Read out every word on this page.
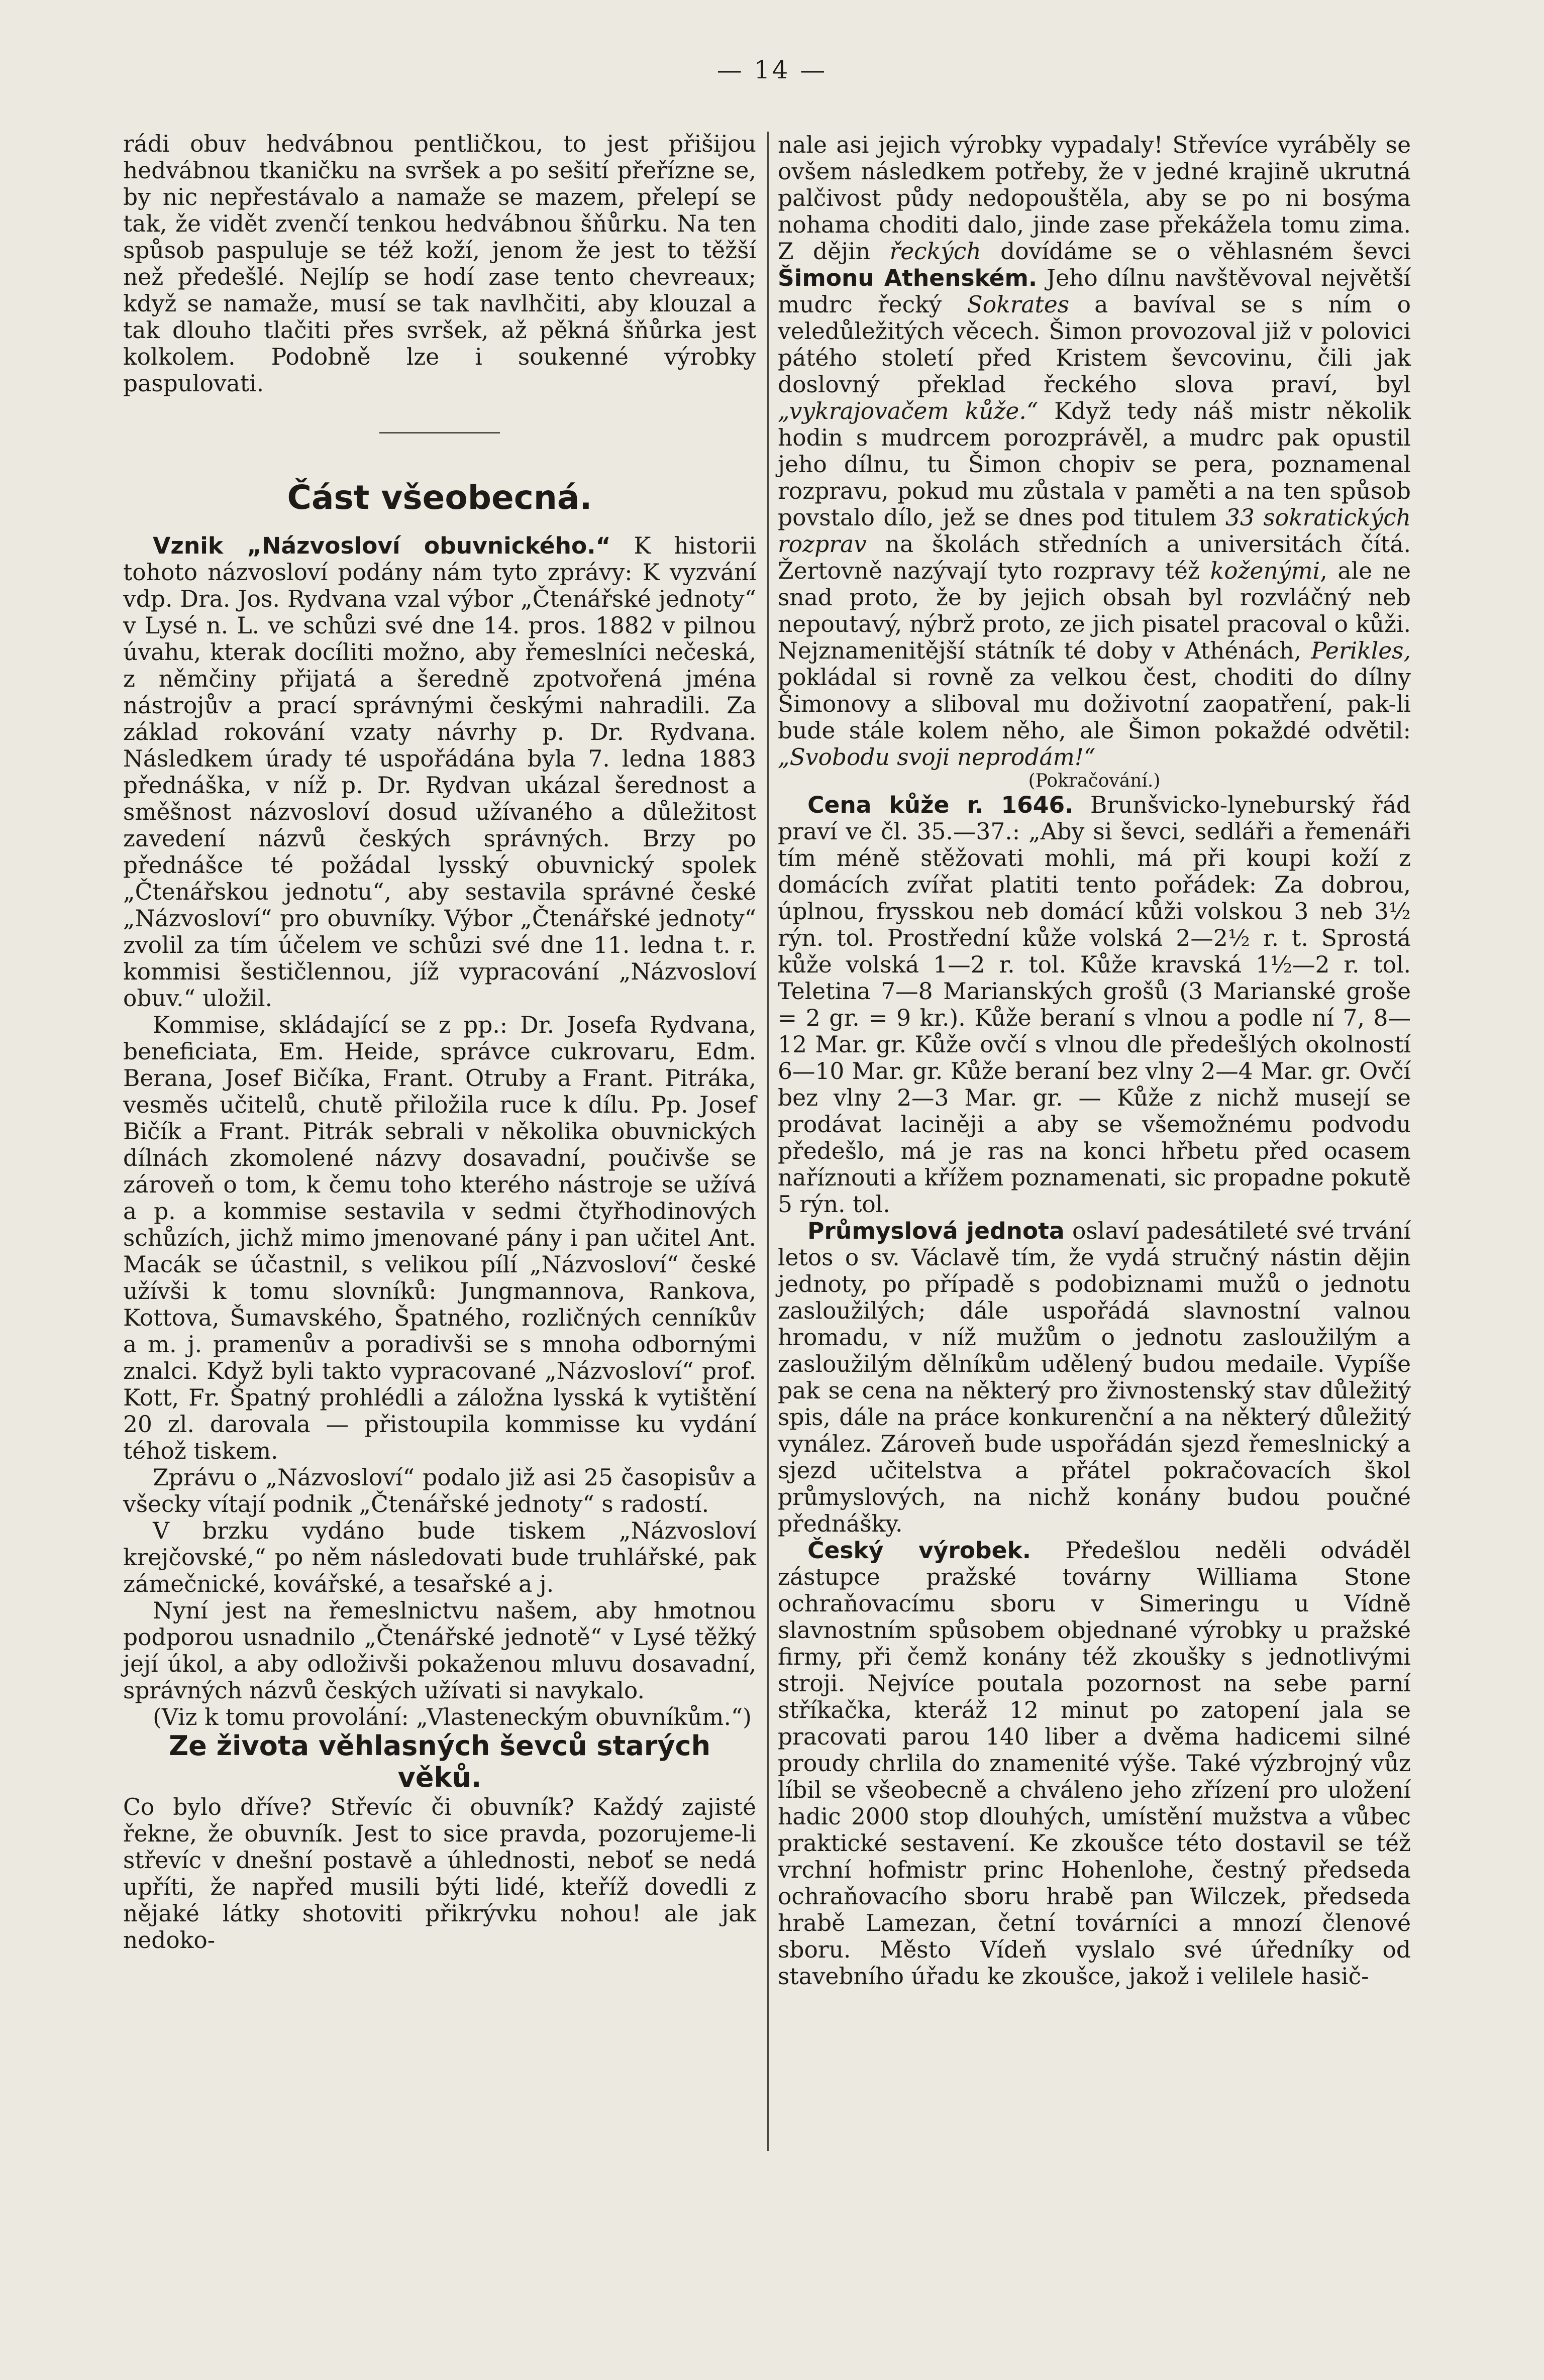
— 14 —

rádi obuv hedvábnou pentličkou, to jest přišijou hedvábnou tkaničku na svršek a po sešití přeřízne se, by nic nepřestávalo a namaže se mazem, přelepí se tak, že vidět zvenčí tenkou hedvábnou šňůrku. Na ten spůsob paspuluje se též koží, jenom že jest to těžší než předešlé. Nejlíp se hodí zase tento chevreaux; když se namaže, musí se tak navlhčiti, aby klouzal a tak dlouho tlačiti přes svršek, až pěkná šňůrka jest kolkolem. Podobně lze i soukenné výrobky paspulovati.

Část všeobecná.

Vznik „Názvosloví obuvnického.“ K historii tohoto názvosloví podány nám tyto zprávy: K vyzvání vdp. Dra. Jos. Rydvana vzal výbor „Čtenářské jednoty“ v Lysé n. L. ve schůzi své dne 14. pros. 1882 v pilnou úvahu, kterak docíliti možno, aby řemeslníci nečeská, z němčiny přijatá a šeredně zpotvořená jména nástrojův a prací správnými českými nahradili. Za základ rokování vzaty návrhy p. Dr. Rydvana. Následkem úrady té uspořádána byla 7. ledna 1883 přednáška, v níž p. Dr. Rydvan ukázal šerednost a směšnost názvosloví dosud užívaného a důležitost zavedení názvů českých správných. Brzy po přednášce té požádal lysský obuvnický spolek „Čtenářskou jednotu“, aby sestavila správné české „Názvosloví“ pro obuvníky. Výbor „Čtenářské jednoty“ zvolil za tím účelem ve schůzi své dne 11. ledna t. r. kommisi šestičlennou, jíž vypracování „Názvosloví obuv.“ uložil.

Kommise, skládající se z pp.: Dr. Josefa Rydvana, beneficiata, Em. Heide, správce cukrovaru, Edm. Berana, Josef Bičíka, Frant. Otruby a Frant. Pitráka, vesměs učitelů, chutě přiložila ruce k dílu. Pp. Josef Bičík a Frant. Pitrák sebrali v několika obuvnických dílnách zkomolené názvy dosavadní, poučivše se zároveň o tom, k čemu toho kterého nástroje se užívá a p. a kommise sestavila v sedmi čtyřhodinových schůzích, jichž mimo jmenované pány i pan učitel Ant. Macák se účastnil, s velikou pílí „Názvosloví“ české užívši k tomu slovníků: Jungmannova, Rankova, Kottova, Šumavského, Špatného, rozličných cenníkův a m. j. pramenův a poradivši se s mnoha odbornými znalci. Když byli takto vypracované „Názvosloví“ prof. Kott, Fr. Špatný prohlédli a záložna lysská k vytištění 20 zl. darovala — přistoupila kommisse ku vydání téhož tiskem.

Zprávu o „Názvosloví“ podalo již asi 25 časopisův a všecky vítají podnik „Čtenářské jednoty“ s radostí.

V brzku vydáno bude tiskem „Názvosloví krejčovské,“ po něm následovati bude truhlářské, pak zámečnické, kovářské, a tesařské a j.

Nyní jest na řemeslnictvu našem, aby hmotnou podporou usnadnilo „Čtenářské jednotě“ v Lysé těžký její úkol, a aby odloživši pokaženou mluvu dosavadní, správných názvů českých užívati si navykalo.

(Viz k tomu provolání: „Vlasteneckým obuvníkům.“)

Ze života věhlasných ševců starých věků.

Co bylo dříve? Střevíc či obuvník? Každý zajisté řekne, že obuvník. Jest to sice pravda, pozorujeme-li střevíc v dnešní postavě a úhlednosti, neboť se nedá upříti, že napřed musili býti lidé, kteříž dovedli z nějaké látky shotoviti přikrývku nohou! ale jak nedoko-

nale asi jejich výrobky vypadaly! Střevíce vyráběly se ovšem následkem potřeby, že v jedné krajině ukrutná palčivost půdy nedopouštěla, aby se po ni bosýma nohama choditi dalo, jinde zase překážela tomu zima. Z dějin řeckých dovídáme se o věhlasném ševci Šimonu Athenském. Jeho dílnu navštěvoval největší mudrc řecký Sokrates a bavíval se s ním o veledůležitých věcech. Šimon provozoval již v polovici pátého století před Kristem ševcovinu, čili jak doslovný překlad řeckého slova praví, byl „vykrajovačem kůže.“ Když tedy náš mistr několik hodin s mudrcem porozprávěl, a mudrc pak opustil jeho dílnu, tu Šimon chopiv se pera, poznamenal rozpravu, pokud mu zůstala v paměti a na ten spůsob povstalo dílo, jež se dnes pod titulem 33 sokratických rozprav na školách středních a universitách čítá. Žertovně nazývají tyto rozpravy též koženými, ale ne snad proto, že by jejich obsah byl rozvláčný neb nepoutavý, nýbrž proto, ze jich pisatel pracoval o kůži. Nejznamenitější státník té doby v Athénách, Perikles, pokládal si rovně za velkou čest, choditi do dílny Šimonovy a sliboval mu doživotní zaopatření, pak-li bude stále kolem něho, ale Šimon pokaždé odvětil: „Svobodu svoji neprodám!“

(Pokračování.)

Cena kůže r. 1646. Brunšvicko-lyneburský řád praví ve čl. 35.—37.: „Aby si ševci, sedláři a řemenáři tím méně stěžovati mohli, má při koupi koží z domácích zvířat platiti tento pořádek: Za dobrou, úplnou, frysskou neb domácí kůži volskou 3 neb 3½ rýn. tol. Prostřední kůže volská 2—2½ r. t. Sprostá kůže volská 1—2 r. tol. Kůže kravská 1½—2 r. tol. Teletina 7—8 Marianských grošů (3 Marianské groše = 2 gr. = 9 kr.). Kůže beraní s vlnou a podle ní 7, 8—12 Mar. gr. Kůže ovčí s vlnou dle předešlých okolností 6—10 Mar. gr. Kůže beraní bez vlny 2—4 Mar. gr. Ovčí bez vlny 2—3 Mar. gr. — Kůže z nichž musejí se prodávat laciněji a aby se všemožnému podvodu předešlo, má je ras na konci hřbetu před ocasem naříznouti a křížem poznamenati, sic propadne pokutě 5 rýn. tol.

Průmyslová jednota oslaví padesátileté své trvání letos o sv. Václavě tím, že vydá stručný nástin dějin jednoty, po případě s podobiznami mužů o jednotu zasloužilých; dále uspořádá slavnostní valnou hromadu, v níž mužům o jednotu zasloužilým a zasloužilým dělníkům udělený budou medaile. Vypíše pak se cena na některý pro živnostenský stav důležitý spis, dále na práce konkurenční a na některý důležitý vynález. Zároveň bude uspořádán sjezd řemeslnický a sjezd učitelstva a přátel pokračovacích škol průmyslových, na nichž konány budou poučné přednášky.

Český výrobek. Předešlou neděli odváděl zástupce pražské továrny Williama Stone ochraňovacímu sboru v Simeringu u Vídně slavnostním spůsobem objednané výrobky u pražské firmy, při čemž konány též zkoušky s jednotlivými stroji. Nejvíce poutala pozornost na sebe parní stříkačka, kteráž 12 minut po zatopení jala se pracovati parou 140 liber a dvěma hadicemi silné proudy chrlila do znamenité výše. Také výzbrojný vůz líbil se všeobecně a chváleno jeho zřízení pro uložení hadic 2000 stop dlouhých, umístění mužstva a vůbec praktické sestavení. Ke zkoušce této dostavil se též vrchní hofmistr princ Hohenlohe, čestný předseda ochraňovacího sboru hrabě pan Wilczek, předseda hrabě Lamezan, četní továrníci a mnozí členové sboru. Město Vídeň vyslalo své úředníky od stavebního úřadu ke zkoušce, jakož i velilele hasič-
